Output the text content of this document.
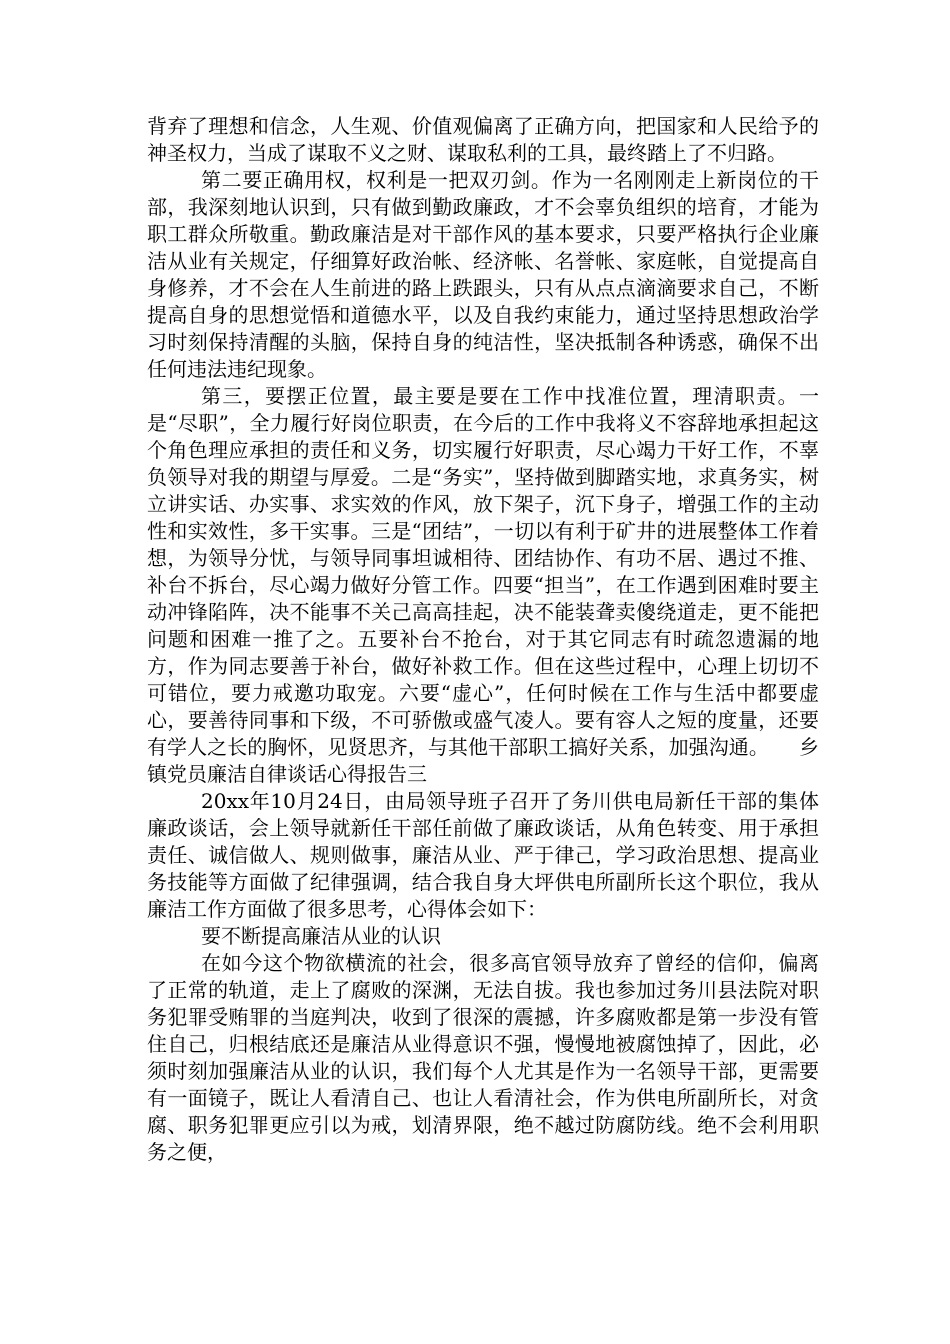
背弃了理想和信念，人生观、价值观偏离了正确方向，把国家和人民给予的神圣权力，当成了谋取不义之财、谋取私利的工具，最终踏上了不归路。

第二要正确用权，权利是一把双刃剑。作为一名刚刚走上新岗位的干部，我深刻地认识到，只有做到勤政廉政，才不会辜负组织的培育，才能为职工群众所敬重。勤政廉洁是对干部作风的基本要求，只要严格执行企业廉洁从业有关规定，仔细算好政治帐、经济帐、名誉帐、家庭帐，自觉提高自身修养，才不会在人生前进的路上跌跟头，只有从点点滴滴要求自己，不断提高自身的思想觉悟和道德水平，以及自我约束能力，通过坚持思想政治学习时刻保持清醒的头脑，保持自身的纯洁性，坚决抵制各种诱惑，确保不出任何违法违纪现象。

第三，要摆正位置，最主要是要在工作中找准位置，理清职责。一是“尽职”，全力履行好岗位职责，在今后的工作中我将义不容辞地承担起这个角色理应承担的责任和义务，切实履行好职责，尽心竭力干好工作，不辜负领导对我的期望与厚爱。二是“务实”，坚持做到脚踏实地，求真务实，树立讲实话、办实事、求实效的作风，放下架子，沉下身子，增强工作的主动性和实效性，多干实事。三是“团结”，一切以有利于矿井的进展整体工作着想，为领导分忧，与领导同事坦诚相待、团结协作、有功不居、遇过不推、补台不拆台，尽心竭力做好分管工作。四要“担当”，在工作遇到困难时要主动冲锋陷阵，决不能事不关己高高挂起，决不能装聋卖傻绕道走，更不能把问题和困难一推了之。五要补台不抢台，对于其它同志有时疏忽遗漏的地方，作为同志要善于补台，做好补救工作。但在这些过程中，心理上切切不可错位，要力戒邀功取宠。六要“虚心”，任何时候在工作与生活中都要虚心，要善待同事和下级，不可骄傲或盛气凌人。要有容人之短的度量，还要有学人之长的胸怀，见贤思齐，与其他干部职工搞好关系，加强沟通。　　乡镇党员廉洁自律谈话心得报告三

20xx年10月24日，由局领导班子召开了务川供电局新任干部的集体廉政谈话，会上领导就新任干部任前做了廉政谈话，从角色转变、用于承担责任、诚信做人、规则做事，廉洁从业、严于律己，学习政治思想、提高业务技能等方面做了纪律强调，结合我自身大坪供电所副所长这个职位，我从廉洁工作方面做了很多思考，心得体会如下：

要不断提高廉洁从业的认识

在如今这个物欲横流的社会，很多高官领导放弃了曾经的信仰，偏离了正常的轨道，走上了腐败的深渊，无法自拔。我也参加过务川县法院对职务犯罪受贿罪的当庭判决，收到了很深的震撼，许多腐败都是第一步没有管住自己，归根结底还是廉洁从业得意识不强，慢慢地被腐蚀掉了，因此，必须时刻加强廉洁从业的认识，我们每个人尤其是作为一名领导干部，更需要有一面镜子，既让人看清自己、也让人看清社会，作为供电所副所长，对贪腐、职务犯罪更应引以为戒，划清界限，绝不越过防腐防线。绝不会利用职务之便，
